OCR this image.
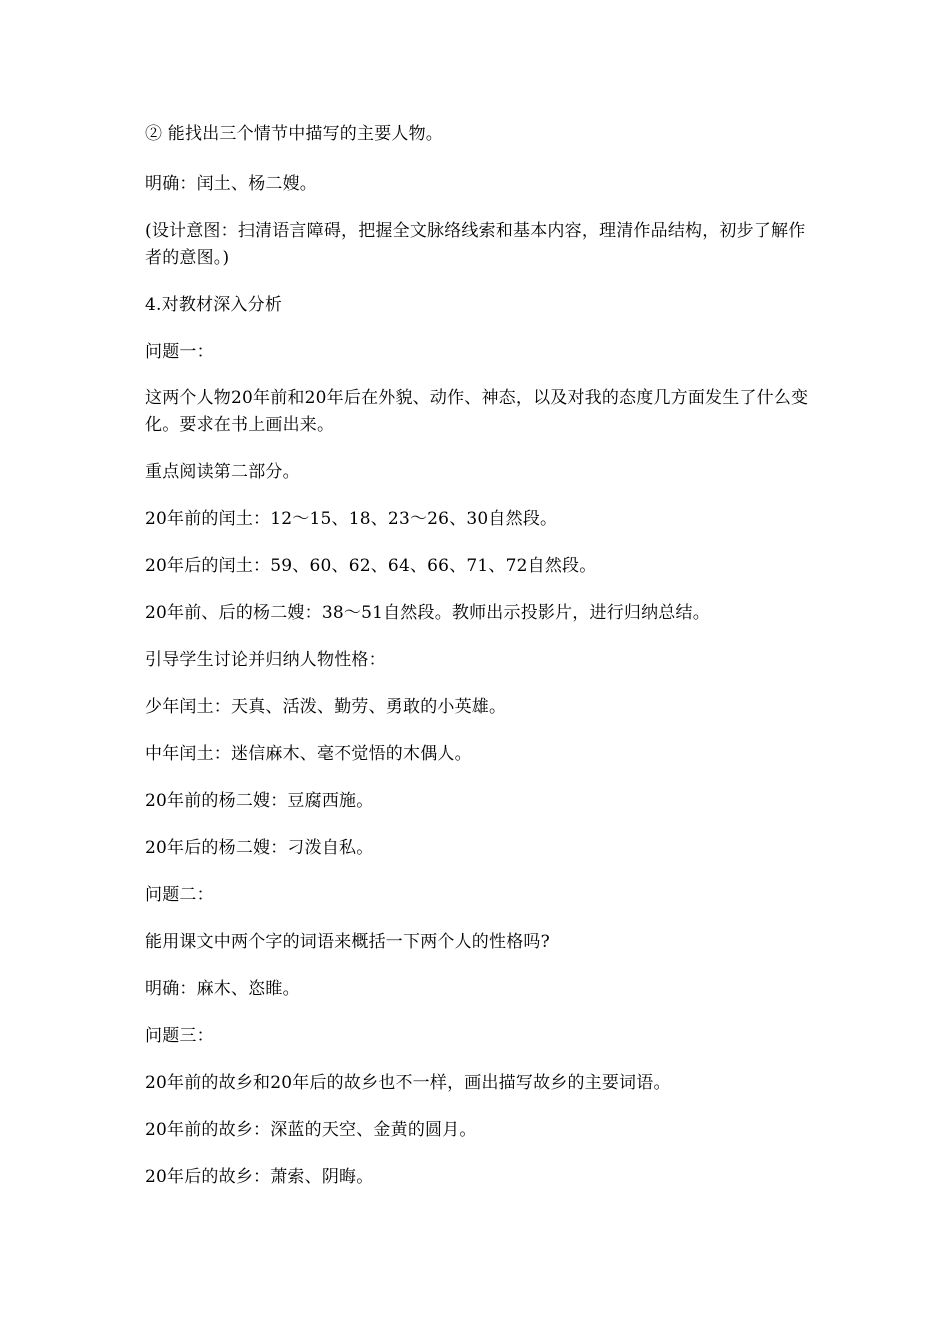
② 能找出三个情节中描写的主要人物。

明确：闰土、杨二嫂。

(设计意图：扫清语言障碍，把握全文脉络线索和基本内容，理清作品结构，初步了解作者的意图。)

4.对教材深入分析

问题一：

这两个人物20年前和20年后在外貌、动作、神态，以及对我的态度几方面发生了什么变化。要求在书上画出来。

重点阅读第二部分。

20年前的闰土：12～15、18、23～26、30自然段。

20年后的闰土：59、60、62、64、66、71、72自然段。

20年前、后的杨二嫂：38～51自然段。教师出示投影片，进行归纳总结。

引导学生讨论并归纳人物性格：

少年闰土：天真、活泼、勤劳、勇敢的小英雄。

中年闰土：迷信麻木、毫不觉悟的木偶人。

20年前的杨二嫂：豆腐西施。

20年后的杨二嫂：刁泼自私。

问题二：

能用课文中两个字的词语来概括一下两个人的性格吗?

明确：麻木、恣睢。

问题三：

20年前的故乡和20年后的故乡也不一样，画出描写故乡的主要词语。

20年前的故乡：深蓝的天空、金黄的圆月。

20年后的故乡：萧索、阴晦。
